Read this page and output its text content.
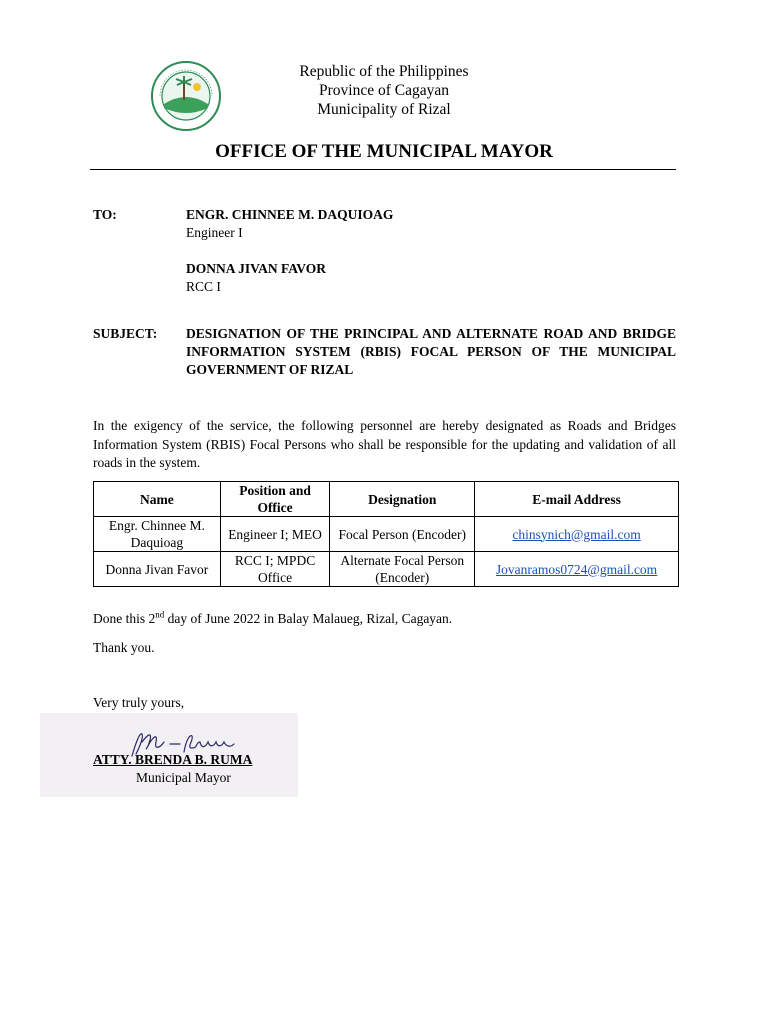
Republic of the Philippines
Province of Cagayan
Municipality of Rizal
OFFICE OF THE MUNICIPAL MAYOR
TO:	ENGR. CHINNEE M. DAQUIOAG
Engineer I
DONNA JIVAN FAVOR
RCC I
SUBJECT: DESIGNATION OF THE PRINCIPAL AND ALTERNATE ROAD AND BRIDGE INFORMATION SYSTEM (RBIS) FOCAL PERSON OF THE MUNICIPAL GOVERNMENT OF RIZAL
In the exigency of the service, the following personnel are hereby designated as Roads and Bridges Information System (RBIS) Focal Persons who shall be responsible for the updating and validation of all roads in the system.
Name	Position and Office	Designation	E-mail Address
Engr. Chinnee M. Daquioag	Engineer I; MEO	Focal Person (Encoder)	chinsynich@gmail.com
Donna Jivan Favor	RCC I; MPDC Office	Alternate Focal Person (Encoder)	Jovanramos0724@gmail.com
Done this 2nd day of June 2022 in Balay Malaueg, Rizal, Cagayan.
Thank you.
Very truly yours,
ATTY. BRENDA B. RUMA
Municipal Mayor
